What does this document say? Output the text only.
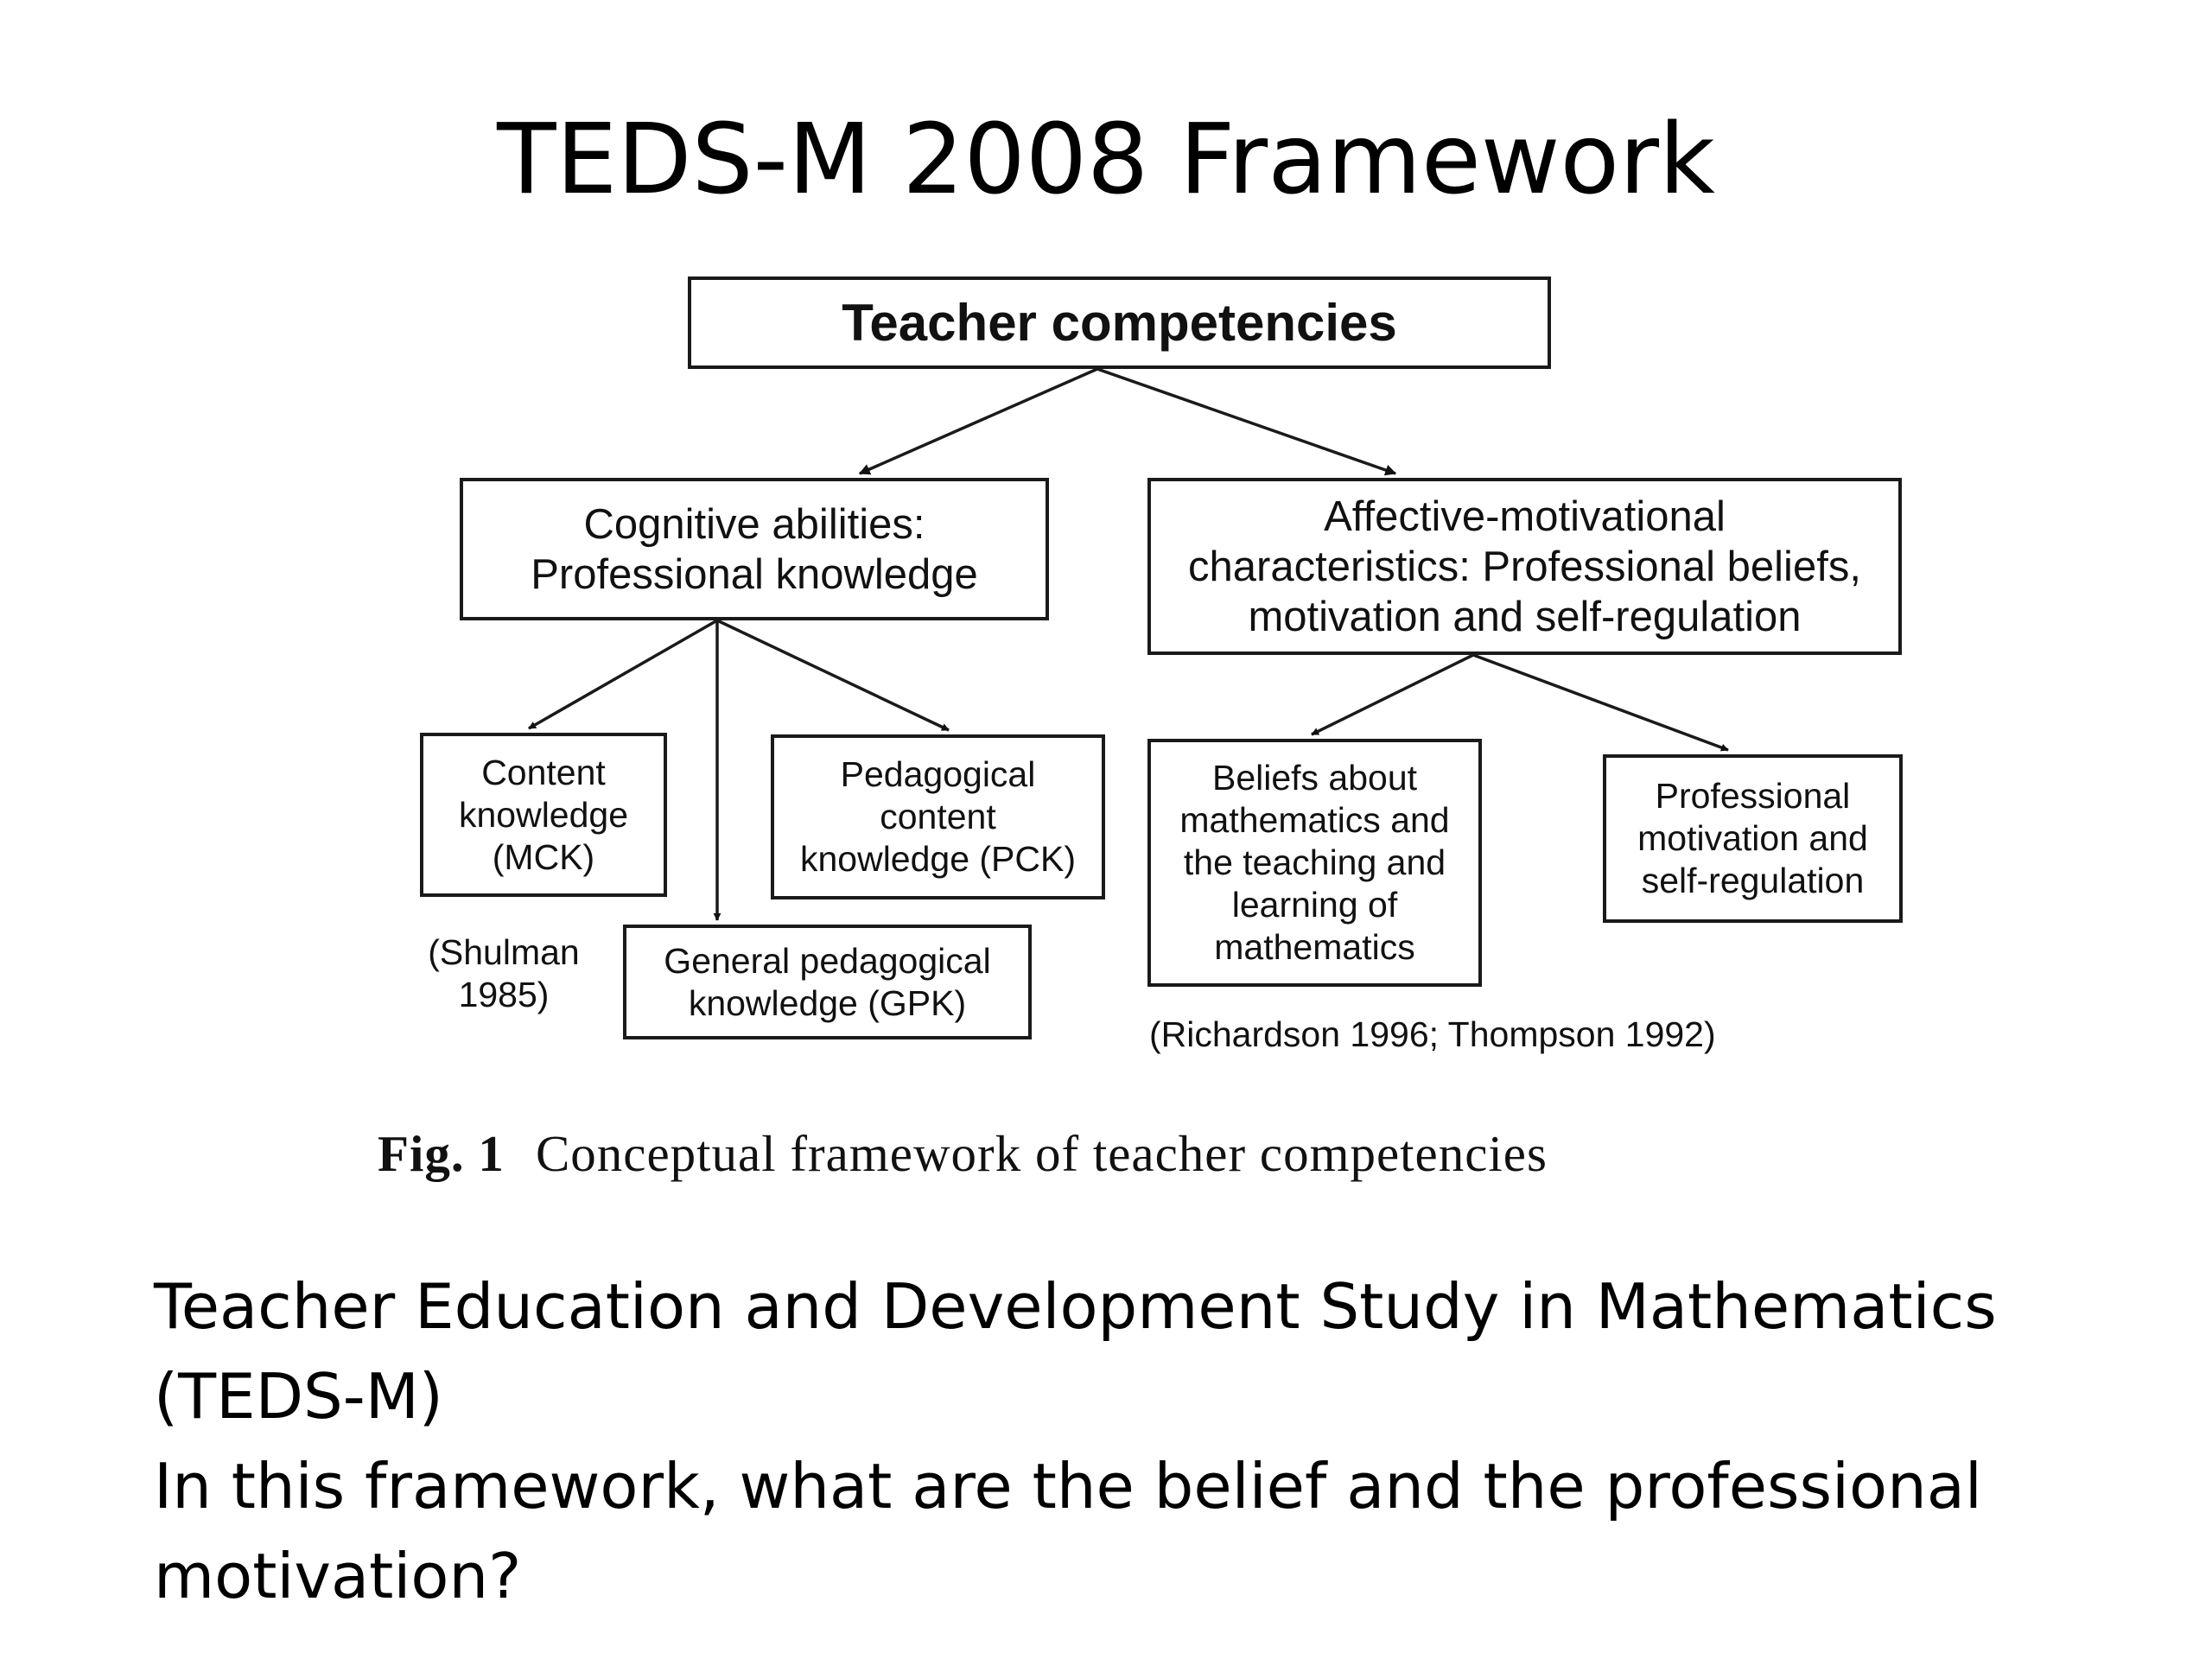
TEDS-M 2008 Framework
Teacher competencies
Cognitive abilities:
Professional knowledge
Affective-motivational
characteristics: Professional beliefs,
motivation and self-regulation
Content
knowledge
(MCK)
Pedagogical
content
knowledge (PCK)
General pedagogical
knowledge (GPK)
Beliefs about
mathematics and
the teaching and
learning of
mathematics
Professional
motivation and
self-regulation
(Shulman
1985)
(Richardson 1996; Thompson 1992)
Fig. 1 Conceptual framework of teacher competencies

Teacher Education and Development Study in Mathematics

(TEDS-M)

In this framework, what are the belief and the professional

motivation?
